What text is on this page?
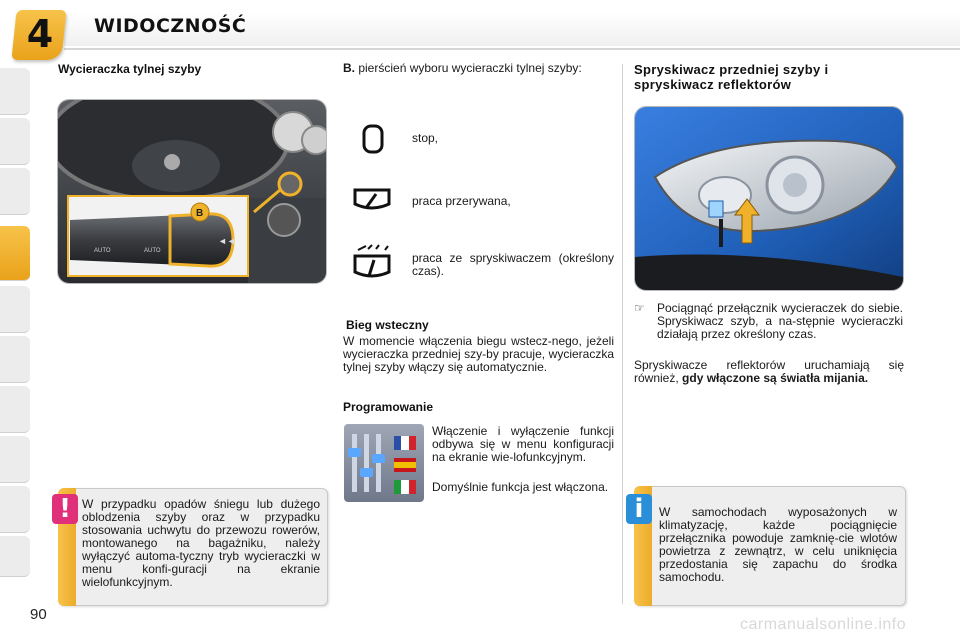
4 WIDOCZNOŚĆ
Wycieraczka tylnej szyby
◄◄
AUTO	AUTO
B
! W przypadku opadów śniegu lub dużego oblodzenia szyby oraz w przypadku stosowania uchwytu do przewozu rowerów, montowanego na bagażniku, należy wyłączyć automa-tyczny tryb wycieraczki w menu konfi-guracji na ekranie wielofunkcyjnym.
B. pierścień wyboru wycieraczki tylnej szyby:
stop,
praca przerywana,
praca ze spryskiwaczem (określony czas).
Bieg wsteczny
W momencie włączenia biegu wstecz-nego, jeżeli wycieraczka przedniej szy-by pracuje, wycieraczka tylnej szyby włączy się automatycznie.
Programowanie
Włączenie i wyłączenie funkcji odbywa się w menu konfiguracji na ekranie wie-lofunkcyjnym.
Domyślnie funkcja jest włączona.
Spryskiwacz przedniej szyby i spryskiwacz reflektorów
☞	Pociągnąć przełącznik wycieraczek do siebie. Spryskiwacz szyb, a na-stępnie wycieraczki działają przez określony czas.
Spryskiwacze reflektorów uruchamiają się również, gdy włączone są światła mijania.
i	W samochodach wyposażonych w klimatyzację, każde pociągnięcie przełącznika powoduje zamknię-cie wlotów powietrza z zewnątrz, w celu uniknięcia przedostania się zapachu do środka samochodu.
90
carmanualsonline.info
